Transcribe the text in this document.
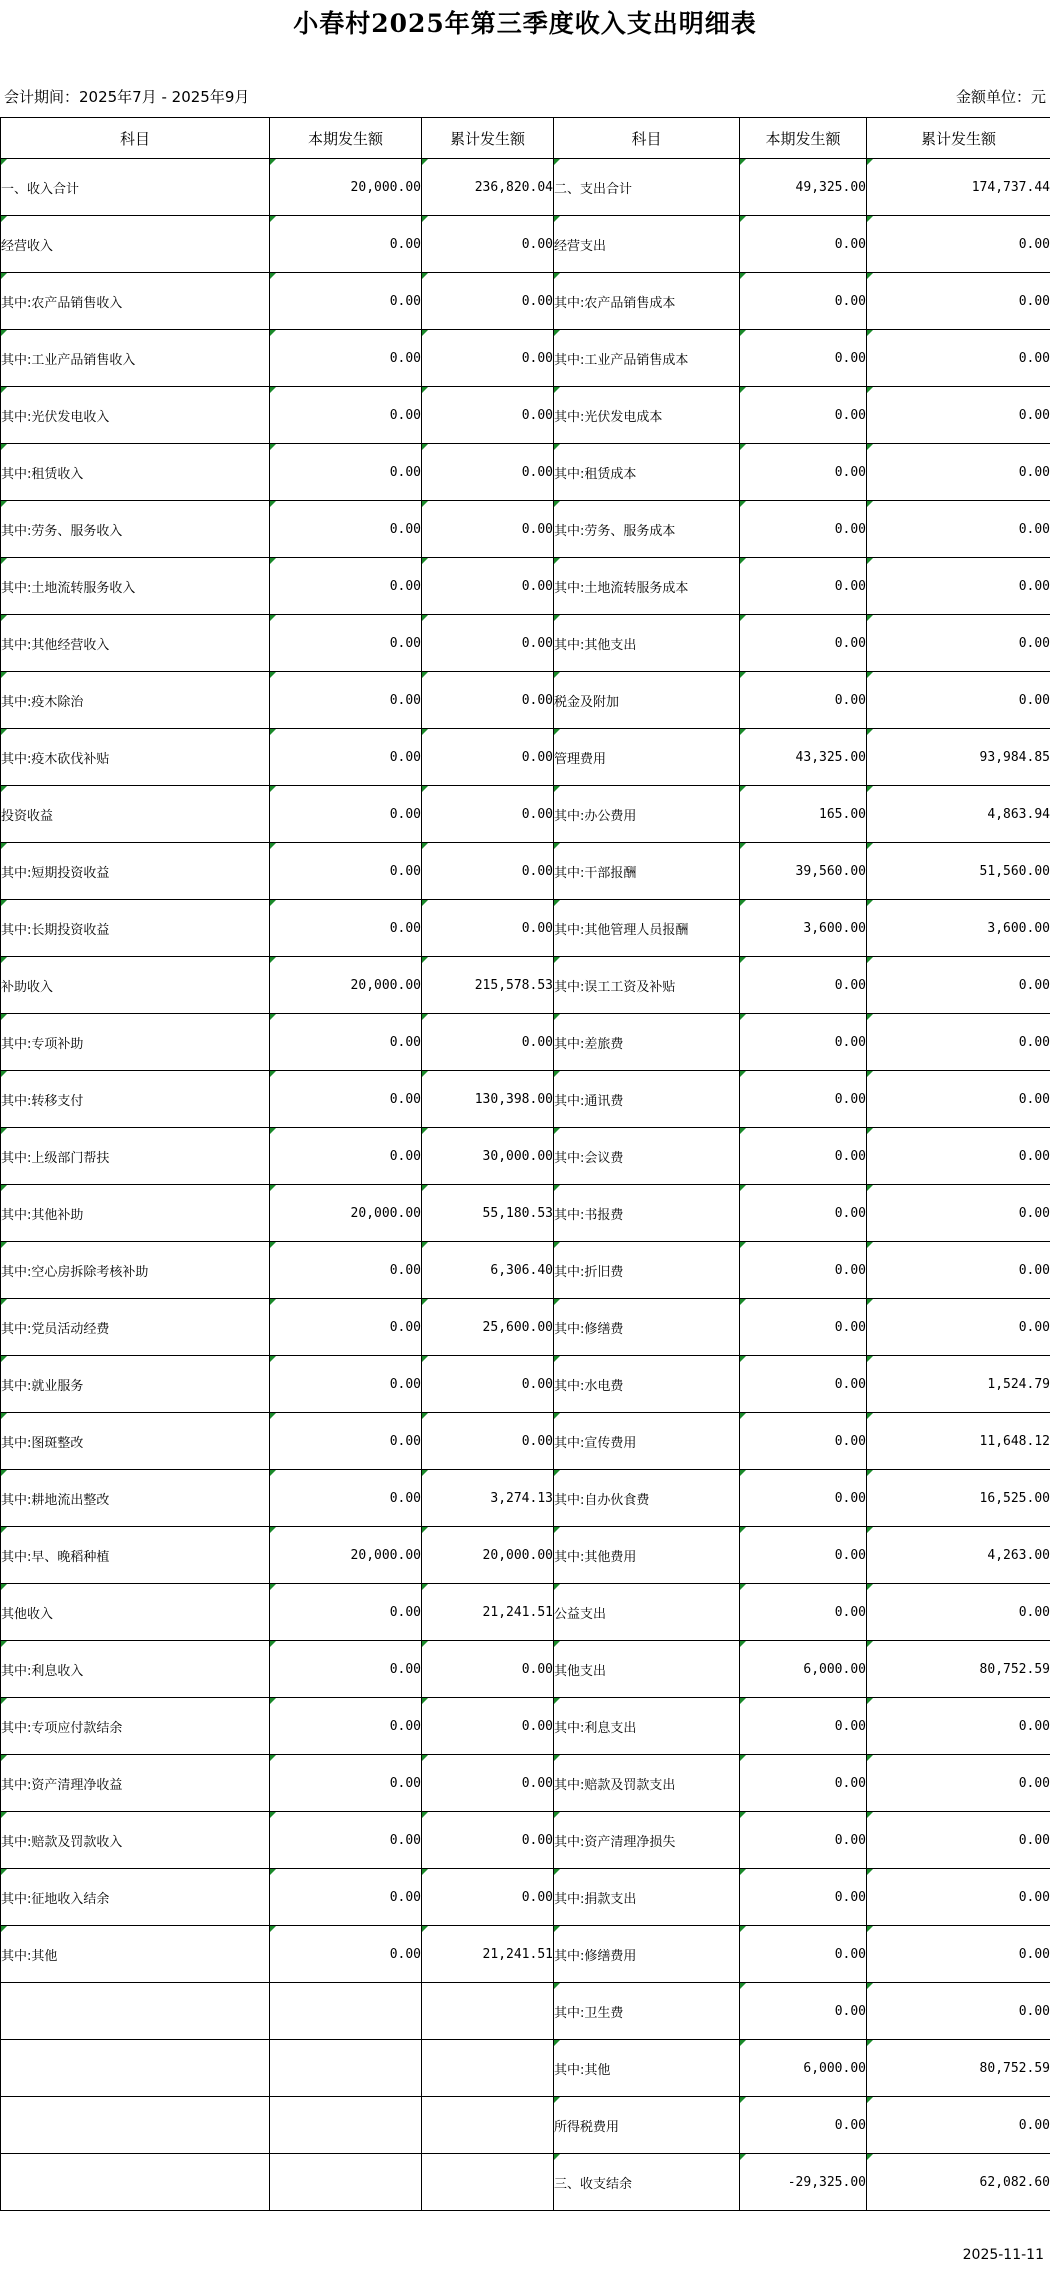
小春村2025年第三季度收入支出明细表
会计期间：2025年7月 - 2025年9月	金额单位：元
科目	本期发生额	累计发生额	科目	本期发生额	累计发生额
一、收入合计	20,000.00	236,820.04	二、支出合计	49,325.00	174,737.44
经营收入	0.00	0.00	经营支出	0.00	0.00
其中:农产品销售收入	0.00	0.00	其中:农产品销售成本	0.00	0.00
其中:工业产品销售收入	0.00	0.00	其中:工业产品销售成本	0.00	0.00
其中:光伏发电收入	0.00	0.00	其中:光伏发电成本	0.00	0.00
其中:租赁收入	0.00	0.00	其中:租赁成本	0.00	0.00
其中:劳务、服务收入	0.00	0.00	其中:劳务、服务成本	0.00	0.00
其中:土地流转服务收入	0.00	0.00	其中:土地流转服务成本	0.00	0.00
其中:其他经营收入	0.00	0.00	其中:其他支出	0.00	0.00
其中:疫木除治	0.00	0.00	税金及附加	0.00	0.00
其中:疫木砍伐补贴	0.00	0.00	管理费用	43,325.00	93,984.85
投资收益	0.00	0.00	其中:办公费用	165.00	4,863.94
其中:短期投资收益	0.00	0.00	其中:干部报酬	39,560.00	51,560.00
其中:长期投资收益	0.00	0.00	其中:其他管理人员报酬	3,600.00	3,600.00
补助收入	20,000.00	215,578.53	其中:误工工资及补贴	0.00	0.00
其中:专项补助	0.00	0.00	其中:差旅费	0.00	0.00
其中:转移支付	0.00	130,398.00	其中:通讯费	0.00	0.00
其中:上级部门帮扶	0.00	30,000.00	其中:会议费	0.00	0.00
其中:其他补助	20,000.00	55,180.53	其中:书报费	0.00	0.00
其中:空心房拆除考核补助	0.00	6,306.40	其中:折旧费	0.00	0.00
其中:党员活动经费	0.00	25,600.00	其中:修缮费	0.00	0.00
其中:就业服务	0.00	0.00	其中:水电费	0.00	1,524.79
其中:图斑整改	0.00	0.00	其中:宣传费用	0.00	11,648.12
其中:耕地流出整改	0.00	3,274.13	其中:自办伙食费	0.00	16,525.00
其中:早、晚稻种植	20,000.00	20,000.00	其中:其他费用	0.00	4,263.00
其他收入	0.00	21,241.51	公益支出	0.00	0.00
其中:利息收入	0.00	0.00	其他支出	6,000.00	80,752.59
其中:专项应付款结余	0.00	0.00	其中:利息支出	0.00	0.00
其中:资产清理净收益	0.00	0.00	其中:赔款及罚款支出	0.00	0.00
其中:赔款及罚款收入	0.00	0.00	其中:资产清理净损失	0.00	0.00
其中:征地收入结余	0.00	0.00	其中:捐款支出	0.00	0.00
其中:其他	0.00	21,241.51	其中:修缮费用	0.00	0.00
			其中:卫生费	0.00	0.00
			其中:其他	6,000.00	80,752.59
			所得税费用	0.00	0.00
			三、收支结余	-29,325.00	62,082.60
2025-11-11
